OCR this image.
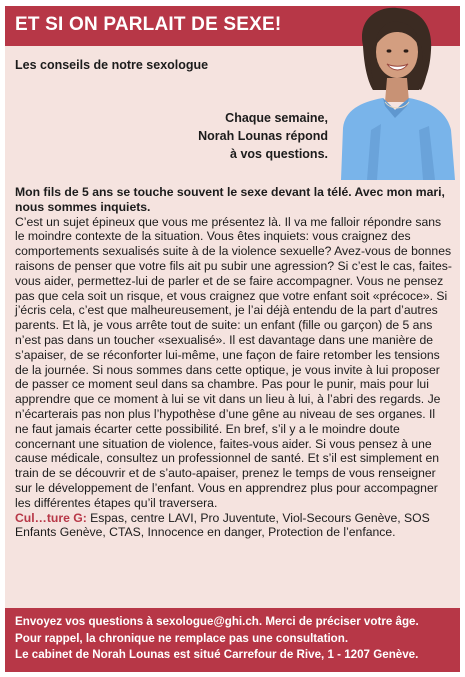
ET SI ON PARLAIT DE SEXE!
Les conseils de notre sexologue
Chaque semaine,
Norah Lounas répond
à vos questions.

Mon fils de 5 ans se touche souvent le sexe devant la télé. Avec mon mari, nous sommes inquiets.

C’est un sujet épineux que vous me présentez là. Il va me falloir répondre sans le moindre contexte de la situation. Vous êtes inquiets: vous craignez des comportements sexualisés suite à de la violence sexuelle? Avez-vous de bonnes raisons de penser que votre fils ait pu subir une agression? Si c’est le cas, faites-vous aider, permettez-lui de parler et de se faire accompagner. Vous ne pensez pas que cela soit un risque, et vous craignez que votre enfant soit «précoce». Si j’écris cela, c’est que malheureusement, je l’ai déjà entendu de la part d’autres parents. Et là, je vous arrête tout de suite: un enfant (fille ou garçon) de 5 ans n’est pas dans un toucher «sexualisé». Il est davantage dans une manière de s’apaiser, de se réconforter lui-même, une façon de faire retomber les tensions de la journée. Si nous sommes dans cette optique, je vous invite à lui proposer de passer ce moment seul dans sa chambre. Pas pour le punir, mais pour lui apprendre que ce moment à lui se vit dans un lieu à lui, à l’abri des regards. Je n’écarterais pas non plus l’hypothèse d’une gêne au niveau de ses organes. Il ne faut jamais écarter cette possibilité. En bref, s’il y a le moindre doute concernant une situation de violence, faites-vous aider. Si vous pensez à une cause médicale, consultez un professionnel de santé. Et s’il est simplement en train de se découvrir et de s’auto-apaiser, prenez le temps de vous renseigner sur le développement de l’enfant. Vous en apprendrez plus pour accompagner les différentes étapes qu’il traversera.

Cul…ture G: Espas, centre LAVI, Pro Juventute, Viol-Secours Genève, SOS Enfants Genève, CTAS, Innocence en danger, Protection de l’enfance.

Envoyez vos questions à sexologue@ghi.ch. Merci de préciser votre âge.
Pour rappel, la chronique ne remplace pas une consultation.
Le cabinet de Norah Lounas est situé Carrefour de Rive, 1 - 1207 Genève.
